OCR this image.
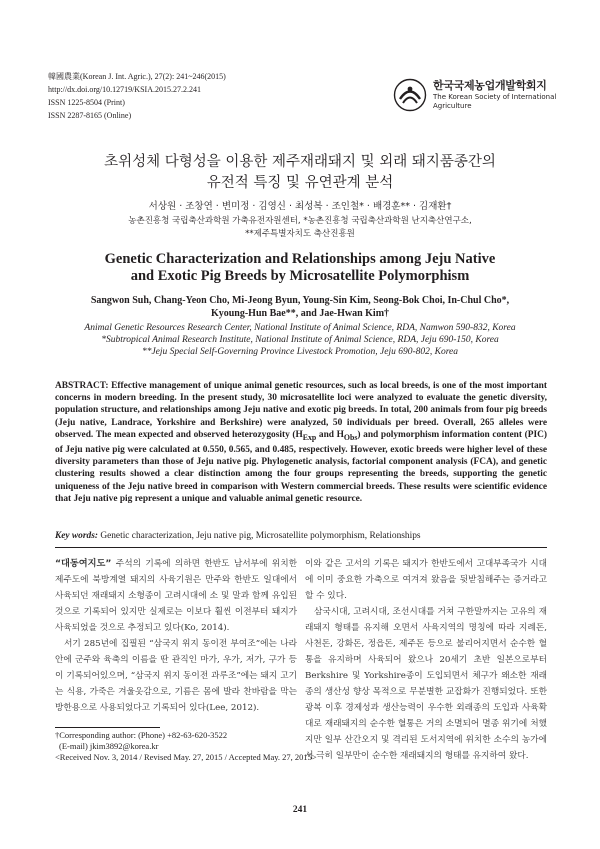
韓國農業(Korean J. Int. Agric.), 27(2): 241~246(2015)
http://dx.doi.org/10.12719/KSIA.2015.27.2.241
ISSN 1225-8504 (Print)
ISSN 2287-8165 (Online)
한국국제농업개발학회지
The Korean Society of International
Agriculture
초위성체 다형성을 이용한 제주재래돼지 및 외래 돼지품종간의
유전적 특징 및 유연관계 분석
서상원 · 조창연 · 변미정 · 김영신 · 최성복 · 조인철* · 배경훈** · 김재환†
농촌진흥청 국립축산과학원 가축유전자원센터, *농촌진흥청 국립축산과학원 난지축산연구소,
**제주특별자치도 축산진흥원
Genetic Characterization and Relationships among Jeju Native
and Exotic Pig Breeds by Microsatellite Polymorphism
Sangwon Suh, Chang-Yeon Cho, Mi-Jeong Byun, Young-Sin Kim, Seong-Bok Choi, In-Chul Cho*,
Kyoung-Hun Bae**, and Jae-Hwan Kim†
Animal Genetic Resources Research Center, National Institute of Animal Science, RDA, Namwon 590-832, Korea
*Subtropical Animal Research Institute, National Institute of Animal Science, RDA, Jeju 690-150, Korea
**Jeju Special Self-Governing Province Livestock Promotion, Jeju 690-802, Korea
ABSTRACT: Effective management of unique animal genetic resources, such as local breeds, is one of the most important concerns in modern breeding. In the present study, 30 microsatellite loci were analyzed to evaluate the genetic diversity, population structure, and relationships among Jeju native and exotic pig breeds. In total, 200 animals from four pig breeds (Jeju native, Landrace, Yorkshire and Berkshire) were analyzed, 50 individuals per breed. Overall, 265 alleles were observed. The mean expected and observed heterozygosity ($H_{Exp}$ and $H_{Obs}$) and polymorphism information content (PIC) of Jeju native pig were calculated at 0.550, 0.565, and 0.485, respectively. However, exotic breeds were higher level of these diversity parameters than those of Jeju native pig. Phylogenetic analysis, factorial component analysis (FCA), and genetic clustering results showed a clear distinction among the four groups representing the breeds, supporting the genetic uniqueness of the Jeju native breed in comparison with Western commercial breeds. These results were scientific evidence that Jeju native pig represent a unique and valuable animal genetic resource.
Key words: Genetic characterization, Jeju native pig, Microsatellite polymorphism, Relationships

“대동여지도” 주석의 기록에 의하면 한반도 남서부에 위치한 제주도에 북방계열 돼지의 사육기원은 만주와 한반도 일대에서 사육되던 재래돼지 소형종이 고려시대에 소 및 말과 함께 유입된 것으로 기록되어 있지만 실제로는 이보다 훨씬 이전부터 돼지가 사육되었을 것으로 추정되고 있다(Ko, 2014).

서기 285년에 집필된 “삼국지 위지 동이전 부여조”에는 나라안에 군주와 육축의 이름을 딴 관직인 마가, 우가, 저가, 구가 등이 기록되어있으며, “삼국지 위지 동이전 과루조”에는 돼지 고기는 식용, 가죽은 겨울옷감으로, 기름은 몸에 발라 찬바람을 막는 방한용으로 사용되었다고 기록되어 있다(Lee, 2012).

이와 같은 고서의 기록은 돼지가 한반도에서 고대부족국가 시대에 이미 중요한 가축으로 여겨져 왔음을 뒷받침해주는 증거라고 할 수 있다.

삼국시대, 고려시대, 조선시대를 거쳐 구한말까지는 고유의 재래돼지 형태를 유지해 오면서 사육지역의 명칭에 따라 지례돈, 사천돈, 강화돈, 정읍돈, 제주돈 등으로 불리어지면서 순수한 혈통을 유지하며 사육되어 왔으나 20세기 초반 일본으로부터 Berkshire 및 Yorkshire종이 도입되면서 체구가 왜소한 재래종의 생산성 향상 목적으로 무분별한 교잡화가 진행되었다. 또한 광복 이후 경제성과 생산능력이 우수한 외래종의 도입과 사육확대로 재래돼지의 순수한 혈통은 거의 소멸되어 멸종 위기에 처했지만 일부 산간오지 및 격리된 도서지역에 위치한 소수의 농가에서 극히 일부만이 순수한 재래돼지의 형태를 유지하여 왔다.

†Corresponding author: (Phone) +82-63-620-3522
(E-mail) jkim3892@korea.kr
<Received Nov. 3, 2014 / Revised May. 27, 2015 / Accepted May. 27, 2015>
241
